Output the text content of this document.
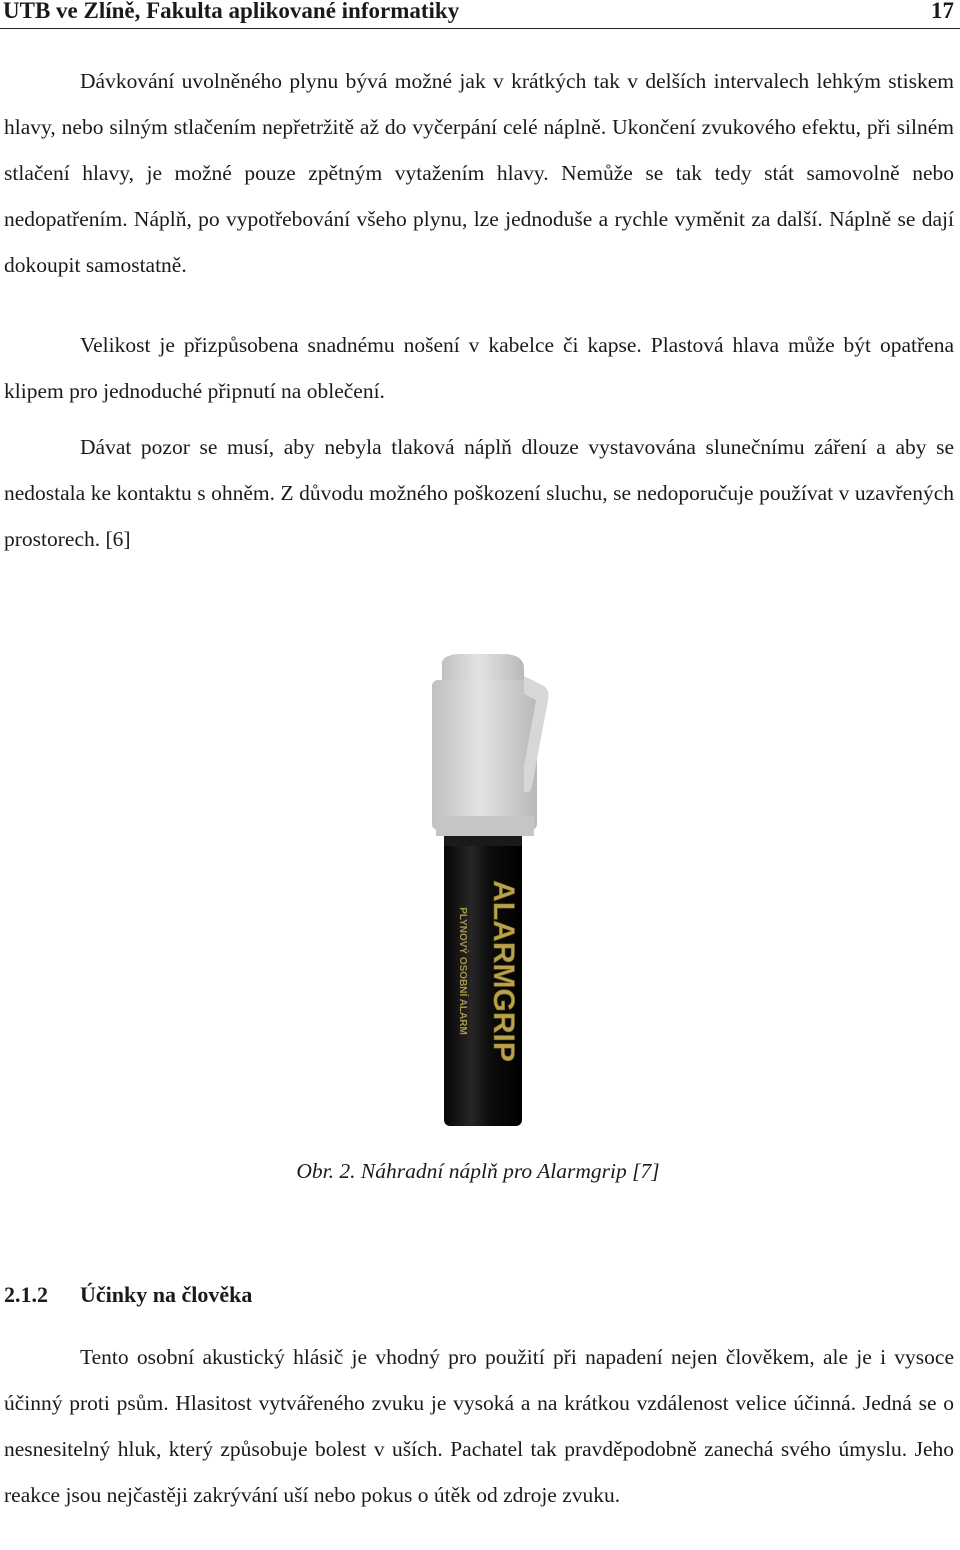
UTB ve Zlíně, Fakulta aplikované informatiky	17

Dávkování uvolněného plynu bývá možné jak v krátkých tak v delších intervalech lehkým stiskem hlavy, nebo silným stlačením nepřetržitě až do vyčerpání celé náplně. Ukončení zvukového efektu, při silném stlačení hlavy, je možné pouze zpětným vytažením hlavy. Nemůže se tak tedy stát samovolně nebo nedopatřením. Náplň, po vypotřebování všeho plynu, lze jednoduše a rychle vyměnit za další. Náplně se dají dokoupit samostatně.

Velikost je přizpůsobena snadnému nošení v kabelce či kapse. Plastová hlava může být opatřena klipem pro jednoduché připnutí na oblečení.

Dávat pozor se musí, aby nebyla tlaková náplň dlouze vystavována slunečnímu záření a aby se nedostala ke kontaktu s ohněm. Z důvodu možného poškození sluchu, se nedoporučuje používat v uzavřených prostorech. [6]

ALARMGRIP
PLYNOVÝ OSOBNÍ ALARM
Obr. 2. Náhradní náplň pro Alarmgrip [7]
2.1.2 Účinky na člověka

Tento osobní akustický hlásič je vhodný pro použití při napadení nejen člověkem, ale je i vysoce účinný proti psům. Hlasitost vytvářeného zvuku je vysoká a na krátkou vzdálenost velice účinná. Jedná se o nesnesitelný hluk, který způsobuje bolest v uších. Pachatel tak pravděpodobně zanechá svého úmyslu. Jeho reakce jsou nejčastěji zakrývání uší nebo pokus o útěk od zdroje zvuku.
